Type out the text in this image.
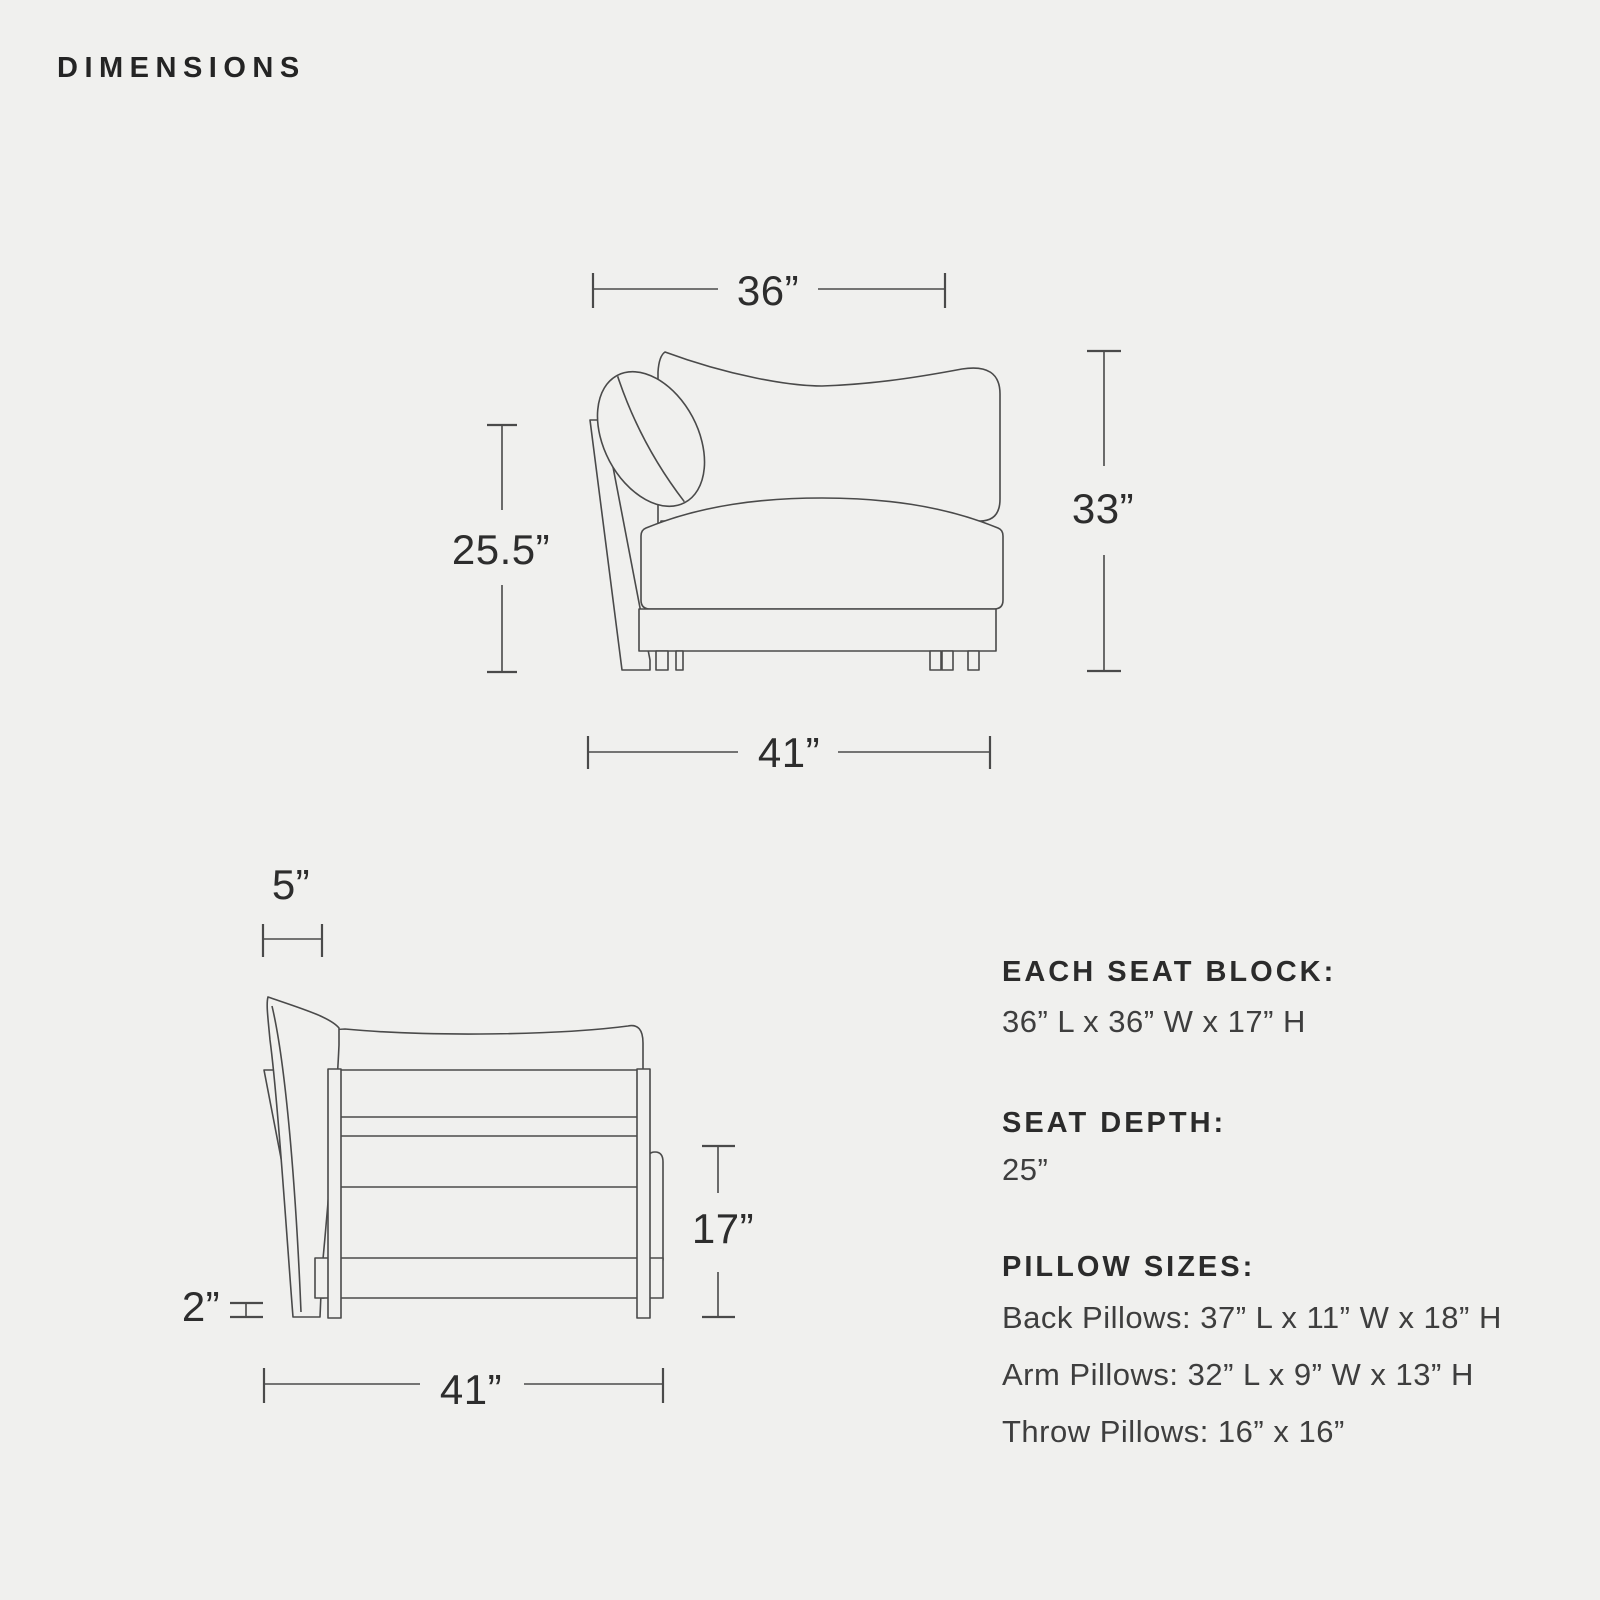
DIMENSIONS
36”
33”
25.5”
41”
5”
2”
17”
41”
EACH SEAT BLOCK:
36” L x 36” W x 17” H
SEAT DEPTH:
25”
PILLOW SIZES:
Back Pillows: 37” L x 11” W x 18” H
Arm Pillows: 32” L x 9” W x 13” H
Throw Pillows: 16” x 16”
